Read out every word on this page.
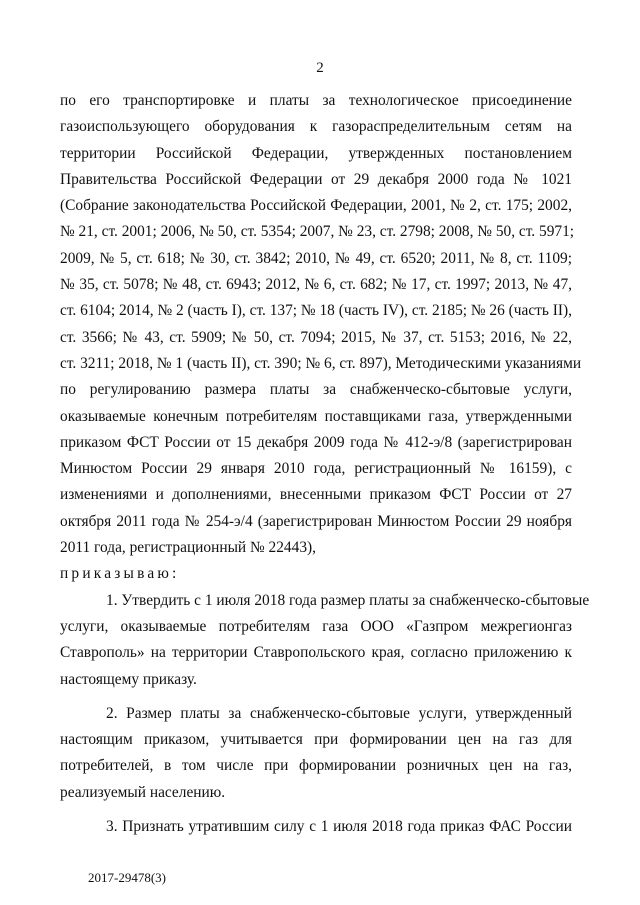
2
по его транспортировке и платы за технологическое присоединение
газоиспользующего оборудования к газораспределительным сетям на
территории Российской Федерации, утвержденных постановлением
Правительства Российской Федерации от 29 декабря 2000 года № 1021
(Собрание законодательства Российской Федерации, 2001, № 2, ст. 175; 2002,
№ 21, ст. 2001; 2006, № 50, ст. 5354; 2007, № 23, ст. 2798; 2008, № 50, ст. 5971;
2009, № 5, ст. 618; № 30, ст. 3842; 2010, № 49, ст. 6520; 2011, № 8, ст. 1109;
№ 35, ст. 5078; № 48, ст. 6943; 2012, № 6, ст. 682; № 17, ст. 1997; 2013, № 47,
ст. 6104; 2014, № 2 (часть I), ст. 137; № 18 (часть IV), ст. 2185; № 26 (часть II),
ст. 3566; № 43, ст. 5909; № 50, ст. 7094; 2015, № 37, ст. 5153; 2016, № 22,
ст. 3211; 2018, № 1 (часть II), ст. 390; № 6, ст. 897), Методическими указаниями
по регулированию размера платы за снабженческо-сбытовые услуги,
оказываемые конечным потребителям поставщиками газа, утвержденными
приказом ФСТ России от 15 декабря 2009 года № 412-э/8 (зарегистрирован
Минюстом России 29 января 2010 года, регистрационный № 16159), с
изменениями и дополнениями, внесенными приказом ФСТ России от 27
октября 2011 года № 254-э/4 (зарегистрирован Минюстом России 29 ноября
2011 года, регистрационный № 22443),
приказываю:
1. Утвердить с 1 июля 2018 года размер платы за снабженческо-сбытовые
услуги, оказываемые потребителям газа ООО «Газпром межрегионгаз
Ставрополь» на территории Ставропольского края, согласно приложению к
настоящему приказу.
2. Размер платы за снабженческо-сбытовые услуги, утвержденный
настоящим приказом, учитывается при формировании цен на газ для
потребителей, в том числе при формировании розничных цен на газ,
реализуемый населению.
3. Признать утратившим силу с 1 июля 2018 года приказ ФАС России
2017-29478(3)
